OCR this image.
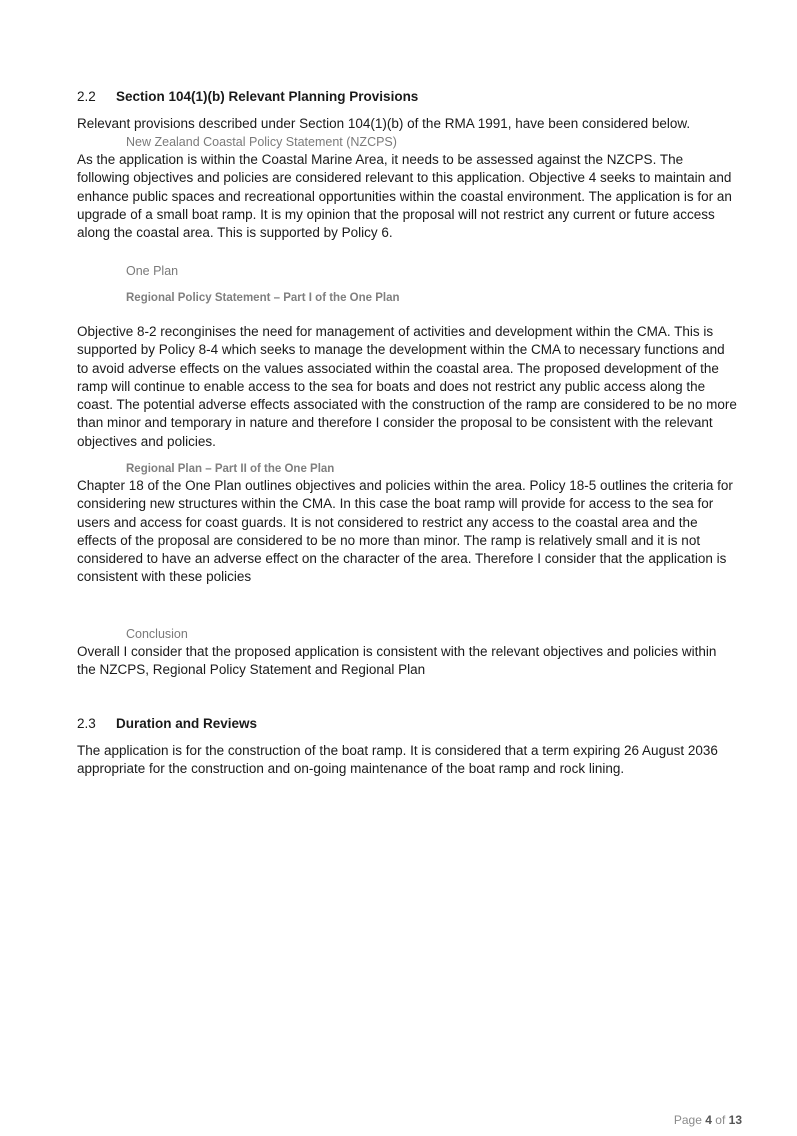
2.2 Section 104(1)(b) Relevant Planning Provisions

Relevant provisions described under Section 104(1)(b) of the RMA 1991, have been considered below.

New Zealand Coastal Policy Statement (NZCPS)

As the application is within the Coastal Marine Area, it needs to be assessed against the NZCPS. The following objectives and policies are considered relevant to this application. Objective 4 seeks to maintain and enhance public spaces and recreational opportunities within the coastal environment. The application is for an upgrade of a small boat ramp. It is my opinion that the proposal will not restrict any current or future access along the coastal area. This is supported by Policy 6.

One Plan
Regional Policy Statement – Part I of the One Plan

Objective 8-2 reconginises the need for management of activities and development within the CMA. This is supported by Policy 8-4 which seeks to manage the development within the CMA to necessary functions and to avoid adverse effects on the values associated within the coastal area. The proposed development of the ramp will continue to enable access to the sea for boats and does not restrict any public access along the coast. The potential adverse effects associated with the construction of the ramp are considered to be no more than minor and temporary in nature and therefore I consider the proposal to be consistent with the relevant objectives and policies.

Regional Plan – Part II of the One Plan

Chapter 18 of the One Plan outlines objectives and policies within the area. Policy 18-5 outlines the criteria for considering new structures within the CMA. In this case the boat ramp will provide for access to the sea for users and access for coast guards. It is not considered to restrict any access to the coastal area and the effects of the proposal are considered to be no more than minor. The ramp is relatively small and it is not considered to have an adverse effect on the character of the area. Therefore I consider that the application is consistent with these policies

Conclusion

Overall I consider that the proposed application is consistent with the relevant objectives and policies within the NZCPS, Regional Policy Statement and Regional Plan

2.3 Duration and Reviews

The application is for the construction of the boat ramp. It is considered that a term expiring 26 August 2036 appropriate for the construction and on-going maintenance of the boat ramp and rock lining.

Page 4 of 13
